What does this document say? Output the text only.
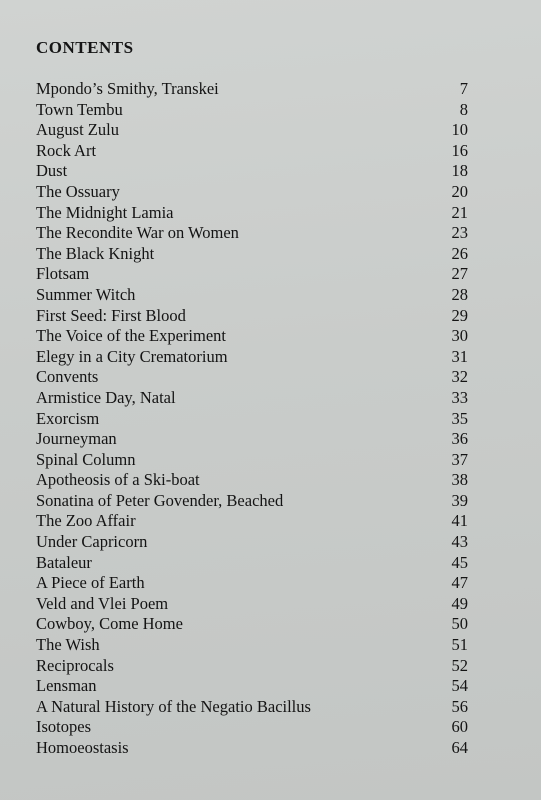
CONTENTS
Mpondo’s Smithy, Transkei	7
Town Tembu	8
August Zulu	10
Rock Art	16
Dust	18
The Ossuary	20
The Midnight Lamia	21
The Recondite War on Women	23
The Black Knight	26
Flotsam	27
Summer Witch	28
First Seed: First Blood	29
The Voice of the Experiment	30
Elegy in a City Crematorium	31
Convents	32
Armistice Day, Natal	33
Exorcism	35
Journeyman	36
Spinal Column	37
Apotheosis of a Ski-boat	38
Sonatina of Peter Govender, Beached	39
The Zoo Affair	41
Under Capricorn	43
Bataleur	45
A Piece of Earth	47
Veld and Vlei Poem	49
Cowboy, Come Home	50
The Wish	51
Reciprocals	52
Lensman	54
A Natural History of the Negatio Bacillus	56
Isotopes	60
Homoeostasis	64
